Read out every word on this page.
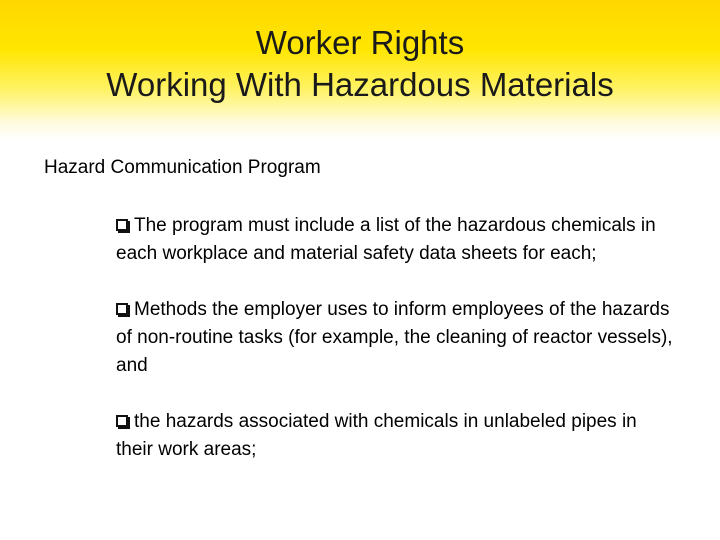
Worker Rights
Working With Hazardous Materials
Hazard Communication Program
The program must include a list of the hazardous chemicals in each workplace and material safety data sheets for each;
Methods the employer uses to inform employees of the hazards of non-routine tasks (for example, the cleaning of reactor vessels), and
the hazards associated with chemicals in unlabeled pipes in their work areas;
